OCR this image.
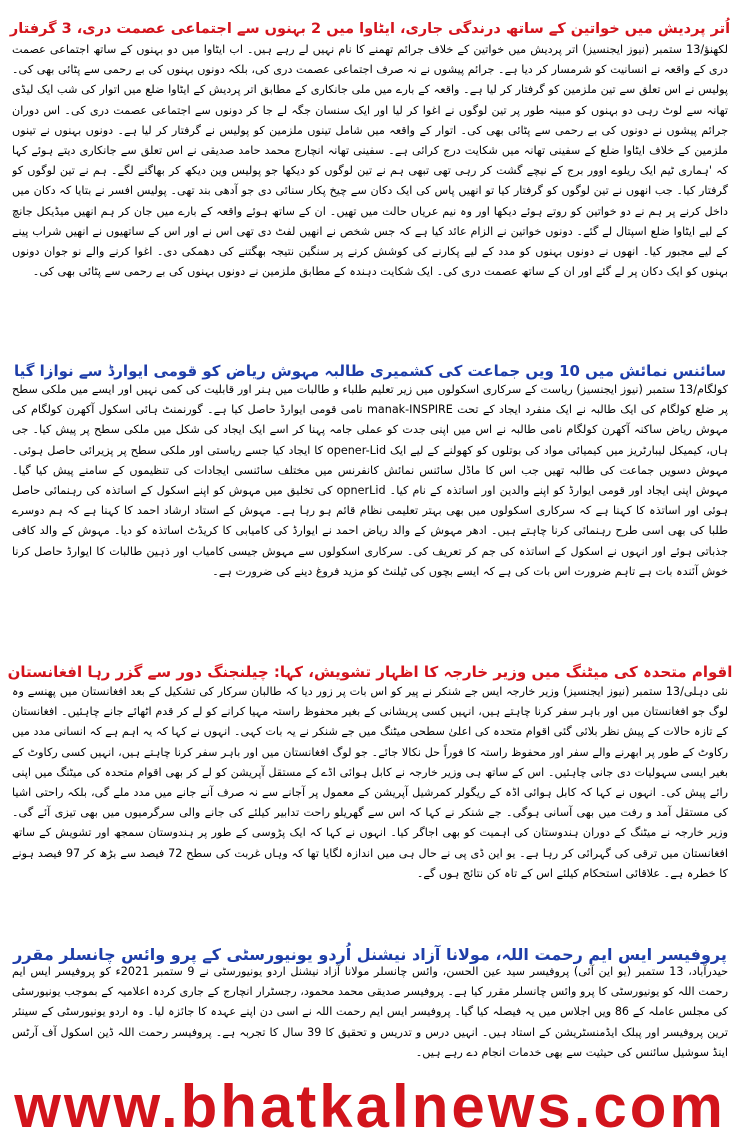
اُتر پردیش میں خواتین کے ساتھ درندگی جاری، ایٹاوا میں 2 بہنوں سے اجتماعی عصمت دری، 3 گرفتار
لکھنؤ/13 ستمبر (نیوز ایجنسیز) اتر پردیش میں خواتین کے خلاف جرائم تھمنے کا نام نہیں لے رہے ہیں۔ اب ایٹاوا میں دو بہنوں کے ساتھ اجتماعی عصمت دری کے واقعہ نے انسانیت کو شرمسار کر دیا ہے۔ جرائم پیشوں نے نہ صرف اجتماعی عصمت دری کی، بلکہ دونوں بہنوں کی بے رحمی سے پٹائی بھی کی۔ پولیس نے اس تعلق سے تین ملزمین کو گرفتار کر لیا ہے۔ واقعہ کے بارے میں ملی جانکاری کے مطابق اتر پردیش کے ایٹاوا ضلع میں اتوار کی شب ایک لیڈی تھانہ سے لوٹ رہی دو بہنوں کو مبینہ طور پر تین لوگوں نے اغوا کر لیا اور ایک سنسان جگہ لے جا کر دونوں سے اجتماعی عصمت دری کی۔ اس دوران جرائم پیشوں نے دونوں کی بے رحمی سے پٹائی بھی کی۔ اتوار کے واقعہ میں شامل تینوں ملزمین کو پولیس نے گرفتار کر لیا ہے۔ دونوں بہنوں نے تینوں ملزمین کے خلاف ایٹاوا ضلع کے سفینی تھانہ میں شکایت درج کرائی ہے۔ سفینی تھانہ انچارج محمد حامد صدیقی نے اس تعلق سے جانکاری دیتے ہوئے کہا کہ 'ہماری ٹیم ایک ریلوے اوور برج کے نیچے گشت کر رہی تھی تبھی ہم نے تین لوگوں کو دیکھا جو پولیس وین دیکھ کر بھاگنے لگے۔ ہم نے تین لوگوں کو گرفتار کیا۔ جب انھوں نے تین لوگوں کو گرفتار کیا تو انھیں پاس کی ایک دکان سے چیخ پکار سنائی دی جو آدھی بند تھی۔ پولیس افسر نے بتایا کہ دکان میں داخل کرنے پر ہم نے دو خواتین کو روتے ہوئے دیکھا اور وہ نیم عریاں حالت میں تھیں۔ ان کے ساتھ ہوئے واقعہ کے بارے میں جان کر ہم انھیں میڈیکل جانچ کے لیے ایٹاوا ضلع اسپتال لے گئے۔ دونوں خواتین نے الزام عائد کیا ہے کہ جس شخص نے انھیں لفٹ دی تھی اس نے اور اس کے ساتھیوں نے انھیں شراب پینے کے لیے مجبور کیا۔ انھوں نے دونوں بہنوں کو مدد کے لیے پکارنے کی کوشش کرنے پر سنگین نتیجہ بھگتنے کی دھمکی دی۔ اغوا کرنے والے نو جوان دونوں بہنوں کو ایک دکان پر لے گئے اور ان کے ساتھ عصمت دری کی۔ ایک شکایت دہندہ کے مطابق ملزمین نے دونوں بہنوں کی بے رحمی سے پٹائی بھی کی۔
سائنس نمائش میں 10 ویں جماعت کی کشمیری طالبہ مہوش ریاض کو قومی ایوارڈ سے نوازا گیا
کولگام/13 ستمبر (نیوز ایجنسیز) ریاست کے سرکاری اسکولوں میں زیر تعلیم طلباء و طالبات میں ہنر اور قابلیت کی کمی نہیں اور ایسے میں ملکی سطح پر ضلع کولگام کی ایک طالبہ نے ایک منفرد ایجاد کے تحت manak-INSPIRE نامی قومی ایوارڈ حاصل کیا ہے۔ گورنمنٹ ہائی اسکول آکھرن کولگام کی مہوش ریاض ساکنہ آکھرن کولگام نامی طالبہ نے اس میں اپنی جدت کو عملی جامہ پہنا کر اسے ایک ایجاد کی شکل میں ملکی سطح پر پیش کیا۔ جی ہاں، کیمیکل لیبارٹریز میں کیمیائی مواد کی بوتلوں کو کھولنے کے لیے ایک opener-Lid کا ایجاد کیا جسے ریاستی اور ملکی سطح پر پزیرائی حاصل ہوئی۔ مہوش دسویں جماعت کی طالبہ تھیں جب اس کا ماڈل سائنس نمائش کانفرنس میں مختلف سائنسی ایجادات کی تنظیموں کے سامنے پیش کیا گیا۔ مہوش اپنی ایجاد اور قومی ایوارڈ کو اپنے والدین اور اساتذہ کے نام کیا۔ opnerLid کی تخلیق میں مہوش کو اپنے اسکول کے اساتذہ کی رہنمائی حاصل ہوئی اور اساتذہ کا کہنا ہے کہ سرکاری اسکولوں میں بھی بہتر تعلیمی نظام قائم ہو رہا ہے۔ مہوش کے استاد ارشاد احمد کا کہنا ہے کہ ہم دوسرے طلبا کی بھی اسی طرح رہنمائی کرنا چاہتے ہیں۔ ادھر مہوش کے والد ریاض احمد نے ایوارڈ کی کامیابی کا کریڈٹ اساتذہ کو دیا۔ مہوش کے والد کافی جذباتی ہوئے اور انہوں نے اسکول کے اساتذہ کی جم کر تعریف کی۔ سرکاری اسکولوں سے مہوش جیسی کامیاب اور ذہین طالبات کا ایوارڈ حاصل کرنا خوش آئندہ بات ہے تاہم ضرورت اس بات کی ہے کہ ایسے بچوں کی ٹیلنٹ کو مزید فروغ دینے کی ضرورت ہے۔
اقوام متحدہ کی میٹنگ میں وزیر خارجہ کا اظہار تشویش، کہا: چیلنجنگ دور سے گزر رہا افغانستان
نئی دہلی/13 ستمبر (نیوز ایجنسیز) وزیر خارجہ ایس جے شنکر نے پیر کو اس بات پر زور دیا کہ طالبان سرکار کی تشکیل کے بعد افغانستان میں پھنسے وہ لوگ جو افغانستان میں اور باہر سفر کرنا چاہتے ہیں، انہیں کسی پریشانی کے بغیر محفوظ راستہ مہیا کرانے کو لے کر قدم اٹھائے جانے چاہئیں۔ افغانستان کے تازہ حالات کے پیش نظر بلائی گئی اقوام متحدہ کی اعلیٰ سطحی میٹنگ میں جے شنکر نے یہ بات کہی۔ انہوں نے کہا کہ یہ اہم ہے کہ انسانی مدد میں رکاوٹ کے طور پر ابھرنے والے سفر اور محفوظ راستہ کا فوراً حل نکالا جائے۔ جو لوگ افغانستان میں اور باہر سفر کرنا چاہتے ہیں، انہیں کسی رکاوٹ کے بغیر ایسی سہولیات دی جانی چاہئیں۔ اس کے ساتھ ہی وزیر خارجہ نے کابل ہوائی اڈے کے مستقل آپریشن کو لے کر بھی اقوام متحدہ کی میٹنگ میں اپنی رائے پیش کی۔ انہوں نے کہا کہ کابل ہوائی اڈہ کے ریگولر کمرشیل آپریشن کے معمول پر آجانے سے نہ صرف آنے جانے میں مدد ملے گی، بلکہ راحتی اشیا کی مستقل آمد و رفت میں بھی آسانی ہوگی۔ جے شنکر نے کہا کہ اس سے گھریلو راحت تدابیر کیلئے کی جانے والی سرگرمیوں میں بھی تیزی آئے گی۔ وزیر خارجہ نے میٹنگ کے دوران ہندوستان کی اہمیت کو بھی اجاگر کیا۔ انہوں نے کہا کہ ایک پڑوسی کے طور پر ہندوستان سمجھ اور تشویش کے ساتھ افغانستان میں ترقی کی گہرائی کر رہا ہے۔ یو این ڈی پی نے حال ہی میں اندازہ لگایا تھا کہ وہاں غربت کی سطح 72 فیصد سے بڑھ کر 97 فیصد ہونے کا خطرہ ہے۔ علاقائی استحکام کیلئے اس کے تاہ کن نتائج ہوں گے۔
پروفیسر ایس ایم رحمت اللہ، مولانا آزاد نیشنل اُردو یونیورسٹی کے پرو وائس چانسلر مقرر
حیدرآباد، 13 ستمبر (یو این آئی) پروفیسر سید عین الحسن، وائس چانسلر مولانا آزاد نیشنل اردو یونیورسٹی نے 9 ستمبر 2021ء کو پروفیسر ایس ایم رحمت اللہ کو یونیورسٹی کا پرو وائس چانسلر مقرر کیا ہے۔ پروفیسر صدیقی محمد محمود، رجسٹرار انچارج کے جاری کردہ اعلامیہ کے بموجب یونیورسٹی کی مجلس عاملہ کے 86 ویں اجلاس میں یہ فیصلہ کیا گیا۔ پروفیسر ایس ایم رحمت اللہ نے اسی دن اپنے عہدہ کا جائزہ لیا۔ وہ اردو یونیورسٹی کے سینئر ترین پروفیسر اور پبلک ایڈمنسٹریشن کے استاد ہیں۔ انہیں درس و تدریس و تحقیق کا 39 سال کا تجربہ ہے۔ پروفیسر رحمت اللہ ڈین اسکول آف آرٹس اینڈ سوشیل سائنس کی حیثیت سے بھی خدمات انجام دے رہے ہیں۔
www.bhatkalnews.com
